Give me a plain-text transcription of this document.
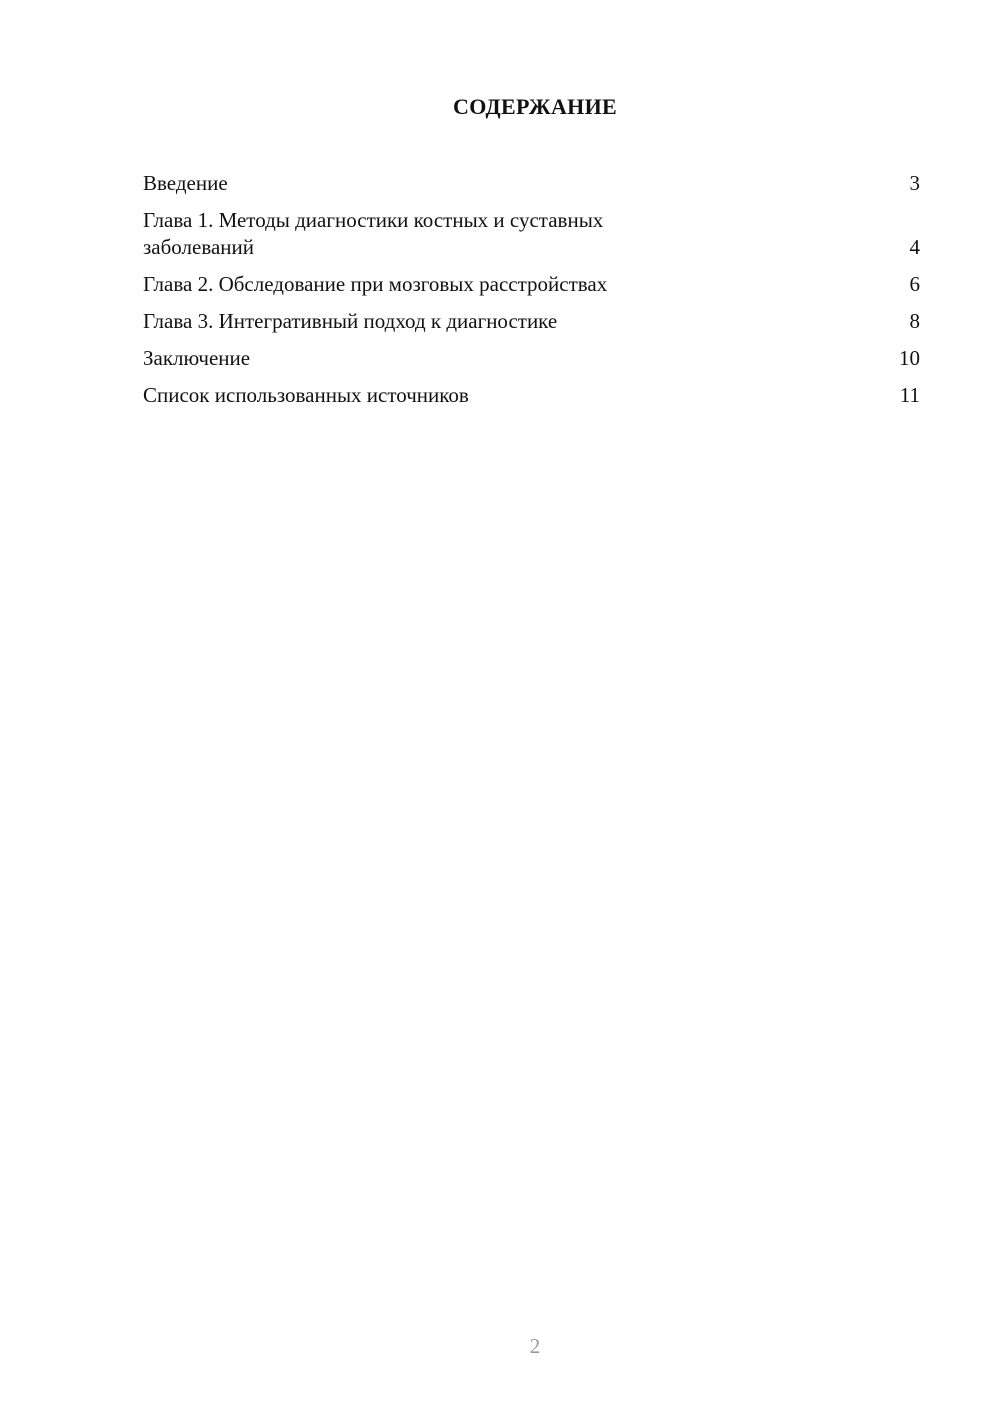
СОДЕРЖАНИЕ
Введение	3
Глава 1. Методы диагностики костных и суставных заболеваний	4
Глава 2. Обследование при мозговых расстройствах	6
Глава 3. Интегративный подход к диагностике	8
Заключение	10
Список использованных источников	11
2
